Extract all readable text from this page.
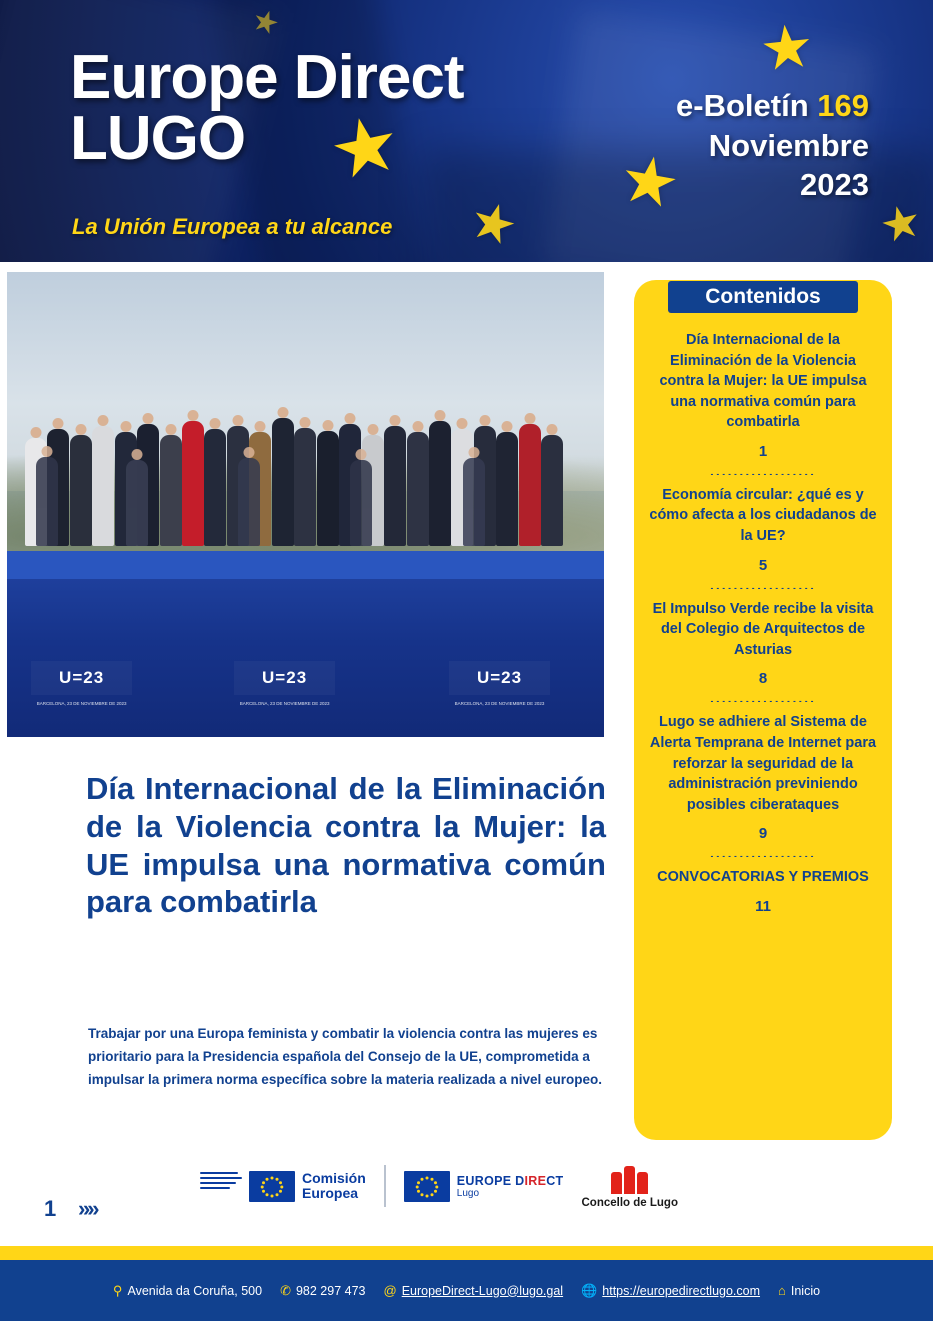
★	★
★
★	★
★
Europe Direct
LUGO
La Unión Europea a tu alcance
e-Boletín 169
Noviembre
2023
U=23
BARCELONA, 23 DE NOVIEMBRE DE 2023
U=23
BARCELONA, 23 DE NOVIEMBRE DE 2023
U=23
BARCELONA, 23 DE NOVIEMBRE DE 2023
Día Internacional de la Eliminación de la Violencia contra la Mujer: la UE impulsa una normativa común para combatirla
Trabajar por una Europa feminista y combatir la violencia contra las mujeres es prioritario para la Presidencia española del Consejo de la UE, comprometida a impulsar la primera norma específica sobre la materia realizada a nivel europeo.
Contenidos
Día Internacional de la Eliminación de la Violencia contra la Mujer: la UE impulsa una normativa común para combatirla
1
..................
Economía circular: ¿qué es y cómo afecta a los ciudadanos de la UE?
5
..................
El Impulso Verde recibe la visita del Colegio de Arquitectos de Asturias
8
..................
Lugo se adhiere al Sistema de Alerta Temprana de Internet para reforzar la seguridad de la administración previniendo posibles ciberataques
9
..................
CONVOCATORIAS Y PREMIOS
11
Comisión
Europea
EUROPE DIRECT
Lugo
Concello de Lugo
1 »»
⚲ Avenida da Coruña, 500 ✆ 982 297 473 @ EuropeDirect-Lugo@lugo.gal 🌐 https://europedirectlugo.com ⌂ Inicio
